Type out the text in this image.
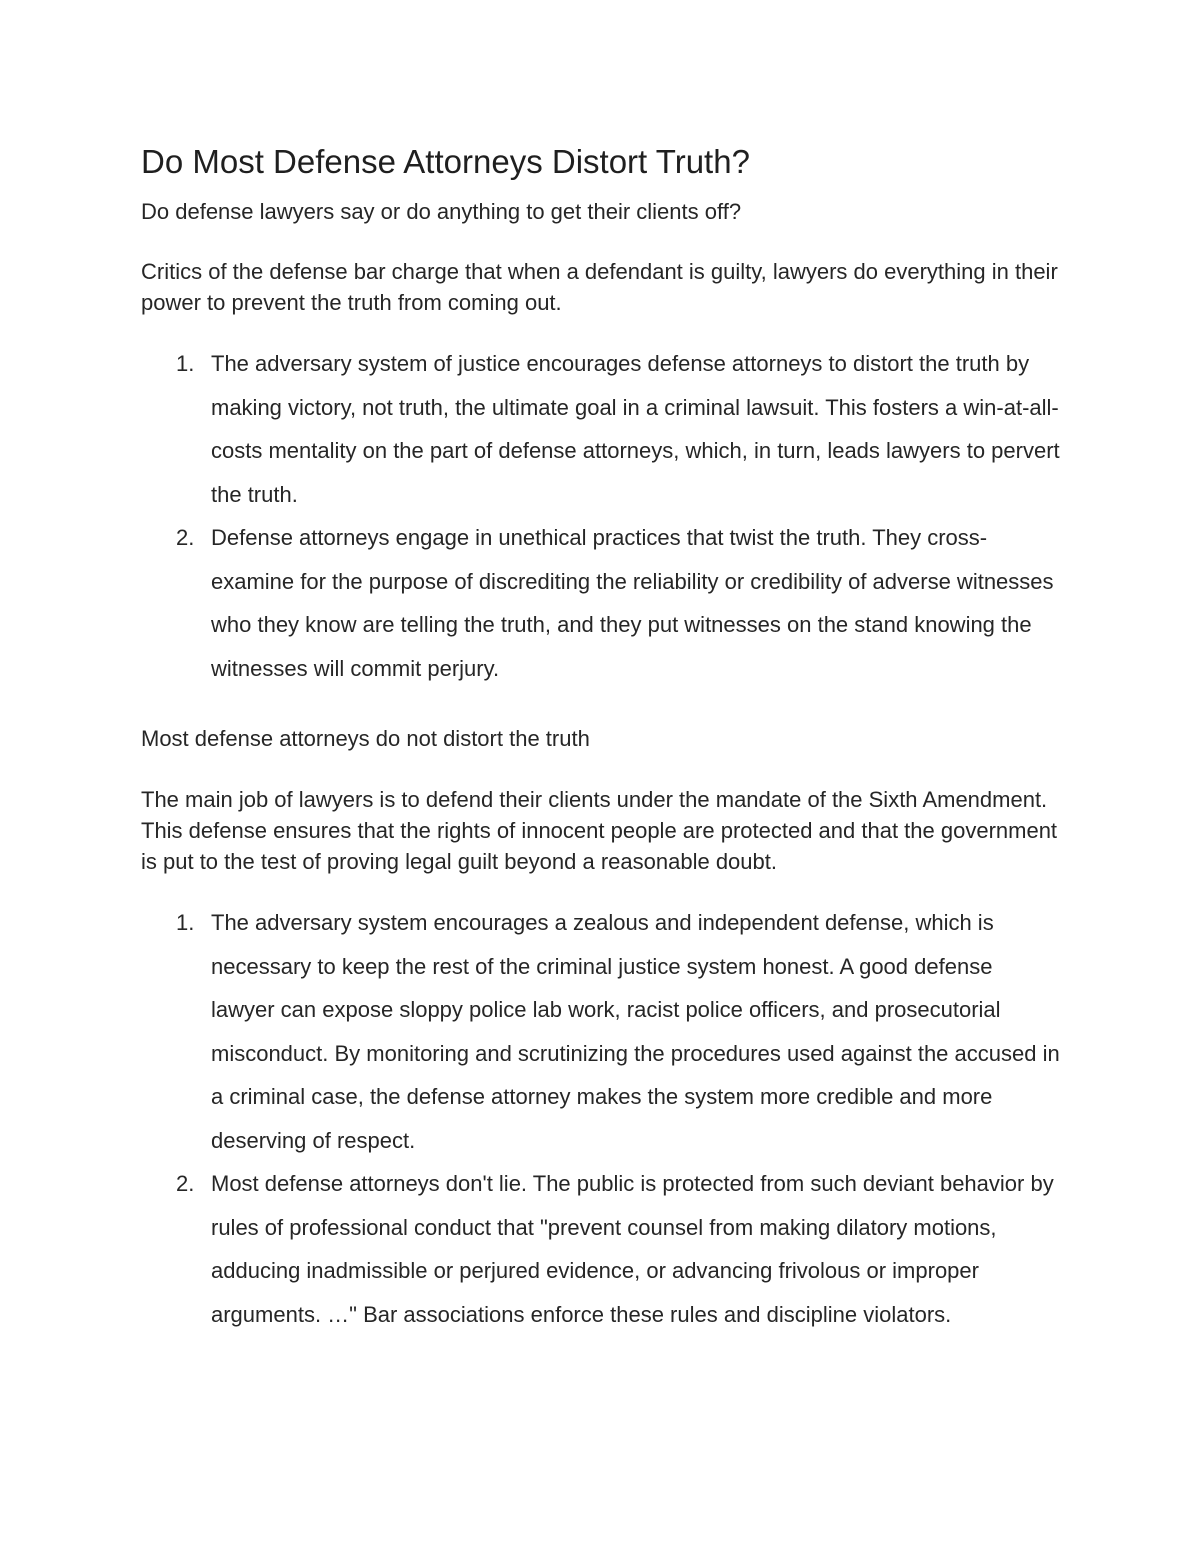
Do Most Defense Attorneys Distort Truth?

Do defense lawyers say or do anything to get their clients off?

Critics of the defense bar charge that when a defendant is guilty, lawyers do everything in their power to prevent the truth from coming out.

1. The adversary system of justice encourages defense attorneys to distort the truth by making victory, not truth, the ultimate goal in a criminal lawsuit. This fosters a win-at-all-costs mentality on the part of defense attorneys, which, in turn, leads lawyers to pervert the truth.
2. Defense attorneys engage in unethical practices that twist the truth. They cross-examine for the purpose of discrediting the reliability or credibility of adverse witnesses who they know are telling the truth, and they put witnesses on the stand knowing the witnesses will commit perjury.
Most defense attorneys do not distort the truth

The main job of lawyers is to defend their clients under the mandate of the Sixth Amendment. This defense ensures that the rights of innocent people are protected and that the government is put to the test of proving legal guilt beyond a reasonable doubt.

1. The adversary system encourages a zealous and independent defense, which is necessary to keep the rest of the criminal justice system honest. A good defense lawyer can expose sloppy police lab work, racist police officers, and prosecutorial misconduct. By monitoring and scrutinizing the procedures used against the accused in a criminal case, the defense attorney makes the system more credible and more deserving of respect.
2. Most defense attorneys don't lie. The public is protected from such deviant behavior by rules of professional conduct that "prevent counsel from making dilatory motions, adducing inadmissible or perjured evidence, or advancing frivolous or improper arguments. …" Bar associations enforce these rules and discipline violators.
